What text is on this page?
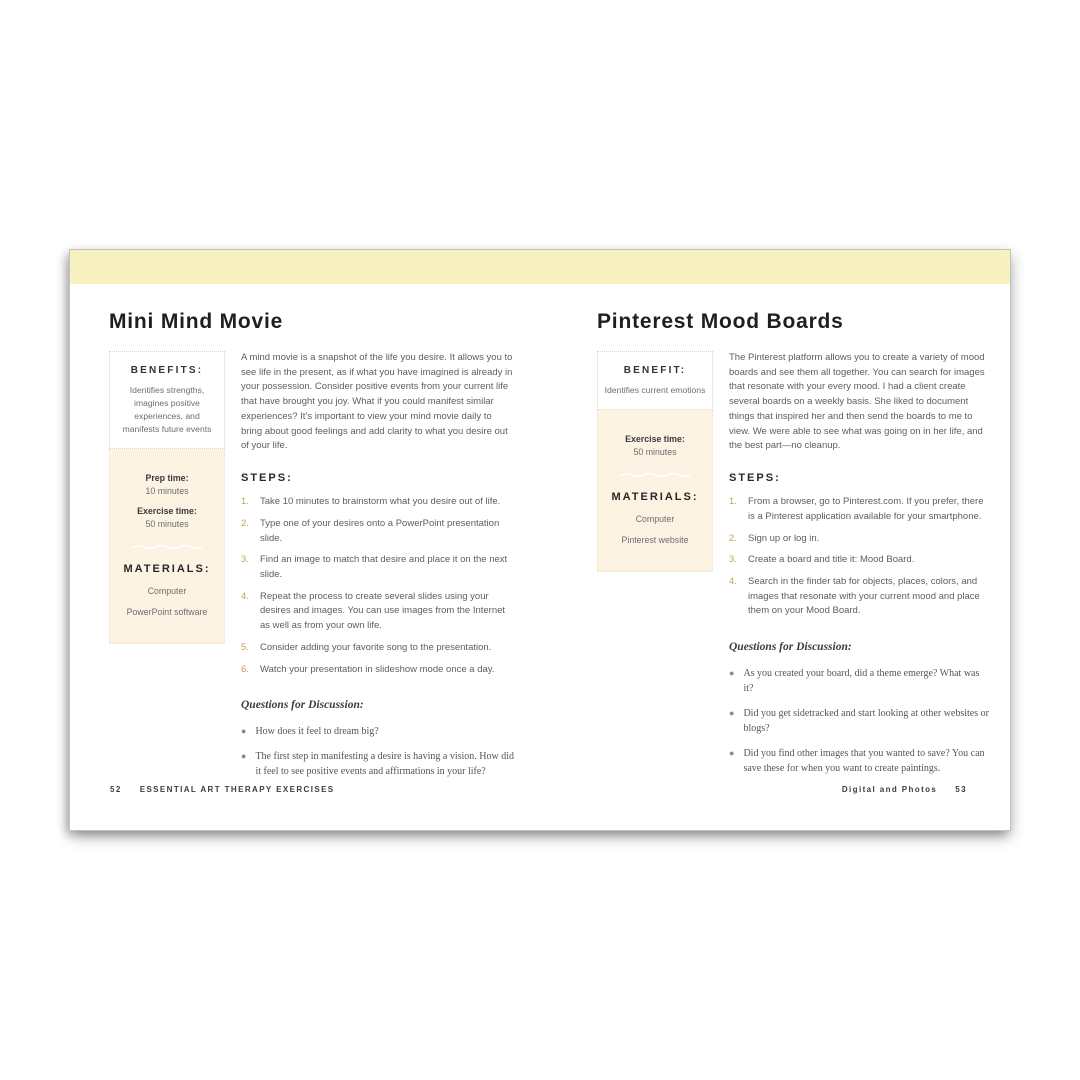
Mini Mind Movie
BENEFITS:
Identifies strengths, imagines positive experiences, and manifests future events
Prep time:
10 minutes
Exercise time:
50 minutes
MATERIALS:
Computer
PowerPoint software
A mind movie is a snapshot of the life you desire. It allows you to see life in the present, as if what you have imagined is already in your possession. Consider positive events from your current life that have brought you joy. What if you could manifest similar experiences? It’s important to view your mind movie daily to bring about good feelings and add clarity to what you desire out of your life.
STEPS:
1.	Take 10 minutes to brainstorm what you desire out of life.
2.	Type one of your desires onto a PowerPoint presentation slide.
3.	Find an image to match that desire and place it on the next slide.
4.	Repeat the process to create several slides using your desires and images. You can use images from the Internet as well as from your own life.
5.	Consider adding your favorite song to the presentation.
6.	Watch your presentation in slideshow mode once a day.
Questions for Discussion:
● How does it feel to dream big?
● The first step in manifesting a desire is having a vision. How did it feel to see positive events and affirmations in your life?
Pinterest Mood Boards
BENEFIT:
Identifies current emotions
Exercise time:
50 minutes
MATERIALS:
Computer
Pinterest website
The Pinterest platform allows you to create a variety of mood boards and see them all together. You can search for images that resonate with your every mood. I had a client create several boards on a weekly basis. She liked to document things that inspired her and then send the boards to me to view. We were able to see what was going on in her life, and the best part—no cleanup.
STEPS:
1.	From a browser, go to Pinterest.com. If you prefer, there is a Pinterest application available for your smartphone.
2.	Sign up or log in.
3.	Create a board and title it: Mood Board.
4.	Search in the finder tab for objects, places, colors, and images that resonate with your current mood and place them on your Mood Board.
Questions for Discussion:
● As you created your board, did a theme emerge? What was it?
● Did you get sidetracked and start looking at other websites or blogs?
● Did you find other images that you wanted to save? You can save these for when you want to create paintings.
52 ESSENTIAL ART THERAPY EXERCISES	Digital and Photos 53
